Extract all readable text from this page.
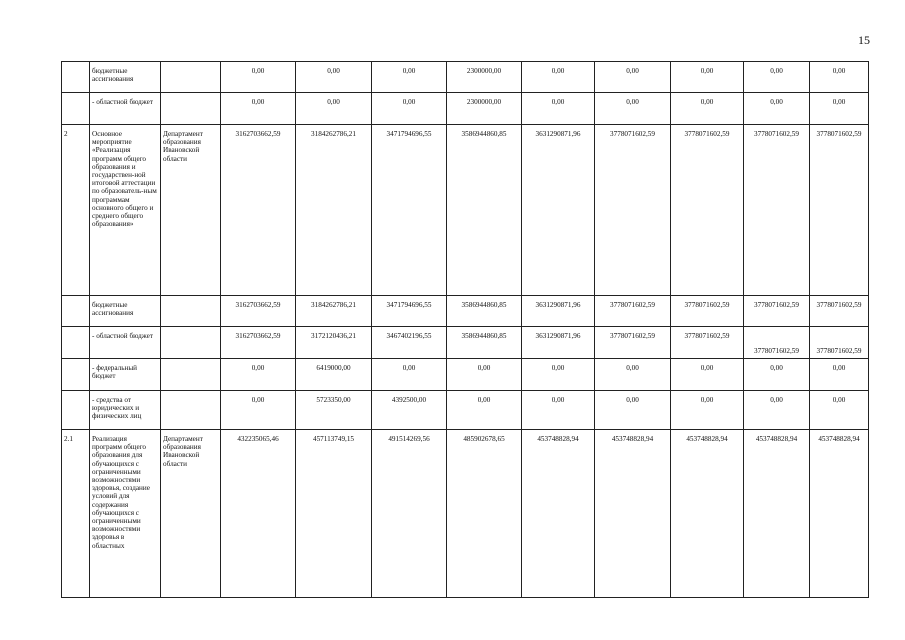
15
	бюджетные ассигнования		0,00	0,00	0,00	2300000,00	0,00	0,00	0,00	0,00	0,00
	- областной бюджет		0,00	0,00	0,00	2300000,00	0,00	0,00	0,00	0,00	0,00
2	Основное мероприятие «Реализация программ общего образования и государствен-ной итоговой аттестации по образователь-ным программам основного общего и среднего общего образования»	Департамент образования Ивановской области	3162703662,59	3184262786,21	3471794696,55	3586944860,85	3631290871,96	3778071602,59	3778071602,59	3778071602,59	3778071602,59
	бюджетные ассигнования		3162703662,59	3184262786,21	3471794696,55	3586944860,85	3631290871,96	3778071602,59	3778071602,59	3778071602,59	3778071602,59
	- областной бюджет		3162703662,59	3172120436,21	3467402196,55	3586944860,85	3631290871,96	3778071602,59	3778071602,59	3778071602,59	3778071602,59
	- федеральный бюджет		0,00	6419000,00	0,00	0,00	0,00	0,00	0,00	0,00	0,00
	- средства от юридических и физических лиц		0,00	5723350,00	4392500,00	0,00	0,00	0,00	0,00	0,00	0,00
2.1	Реализация программ общего образования для обучающихся с ограниченными возможностями здоровья, создание условий для содержания обучающихся с ограниченными возможностями здоровья в областных	Департамент образования Ивановской области	432235065,46	457113749,15	491514269,56	485902678,65	453748828,94	453748828,94	453748828,94	453748828,94	453748828,94
